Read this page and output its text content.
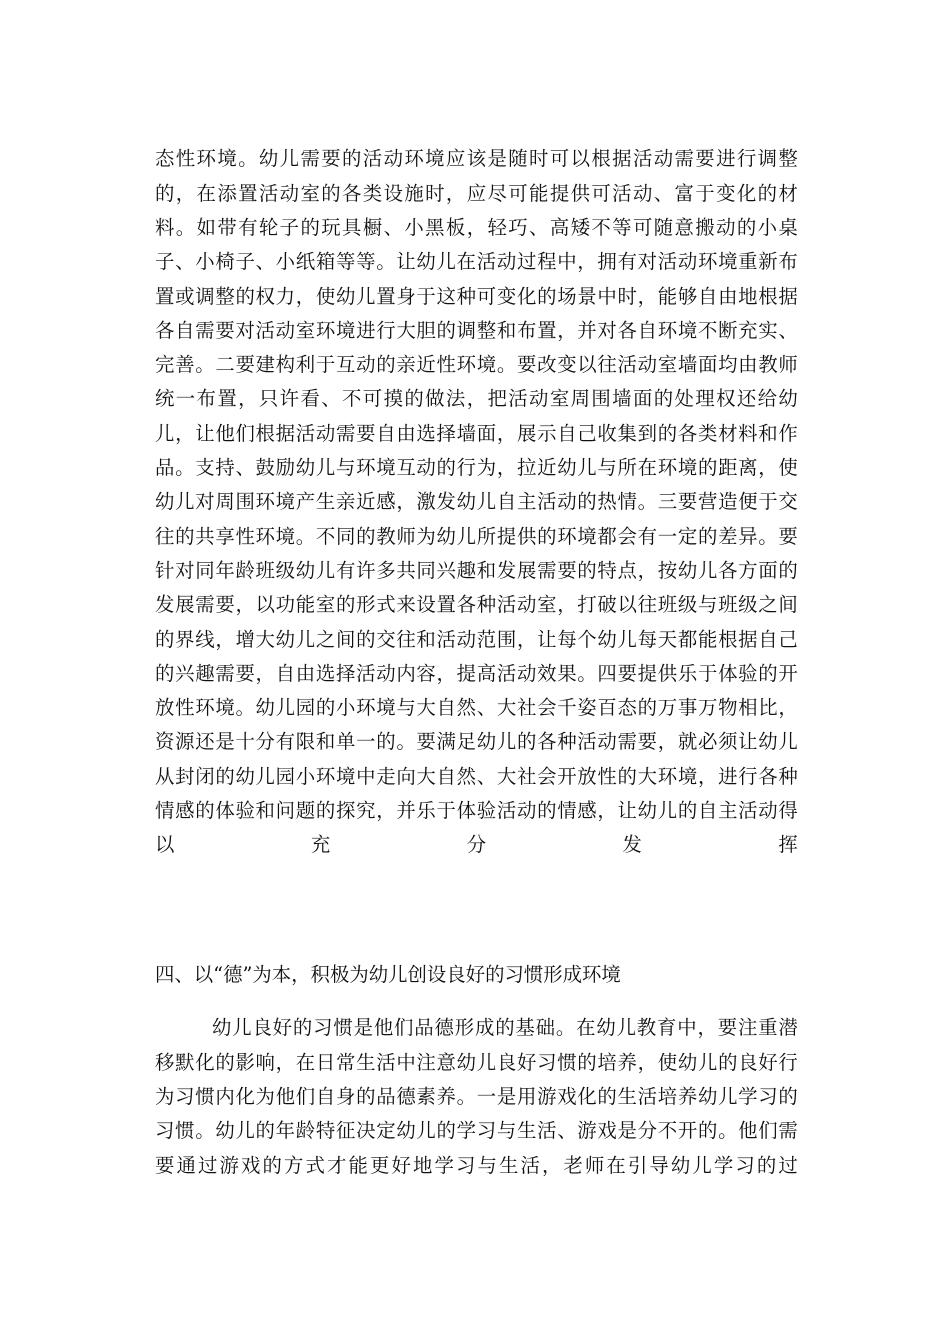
态性环境。幼儿需要的活动环境应该是随时可以根据活动需要进行调整的，在添置活动室的各类设施时，应尽可能提供可活动、富于变化的材料。如带有轮子的玩具橱、小黑板，轻巧、高矮不等可随意搬动的小桌子、小椅子、小纸箱等等。让幼儿在活动过程中，拥有对活动环境重新布置或调整的权力，使幼儿置身于这种可变化的场景中时，能够自由地根据各自需要对活动室环境进行大胆的调整和布置，并对各自环境不断充实、完善。二要建构利于互动的亲近性环境。要改变以往活动室墙面均由教师统一布置，只许看、不可摸的做法，把活动室周围墙面的处理权还给幼儿，让他们根据活动需要自由选择墙面，展示自己收集到的各类材料和作品。支持、鼓励幼儿与环境互动的行为，拉近幼儿与所在环境的距离，使幼儿对周围环境产生亲近感，激发幼儿自主活动的热情。三要营造便于交往的共享性环境。不同的教师为幼儿所提供的环境都会有一定的差异。要针对同年龄班级幼儿有许多共同兴趣和发展需要的特点，按幼儿各方面的发展需要，以功能室的形式来设置各种活动室，打破以往班级与班级之间的界线，增大幼儿之间的交往和活动范围，让每个幼儿每天都能根据自己的兴趣需要，自由选择活动内容，提高活动效果。四要提供乐于体验的开放性环境。幼儿园的小环境与大自然、大社会千姿百态的万事万物相比，资源还是十分有限和单一的。要满足幼儿的各种活动需要，就必须让幼儿从封闭的幼儿园小环境中走向大自然、大社会开放性的大环境，进行各种情感的体验和问题的探究，并乐于体验活动的情感，让幼儿的自主活动得以充分发挥

四、以“德”为本，积极为幼儿创设良好的习惯形成环境

幼儿良好的习惯是他们品德形成的基础。在幼儿教育中，要注重潜移默化的影响，在日常生活中注意幼儿良好习惯的培养，使幼儿的良好行为习惯内化为他们自身的品德素养。一是用游戏化的生活培养幼儿学习的习惯。幼儿的年龄特征决定幼儿的学习与生活、游戏是分不开的。他们需要通过游戏的方式才能更好地学习与生活，老师在引导幼儿学习的过
